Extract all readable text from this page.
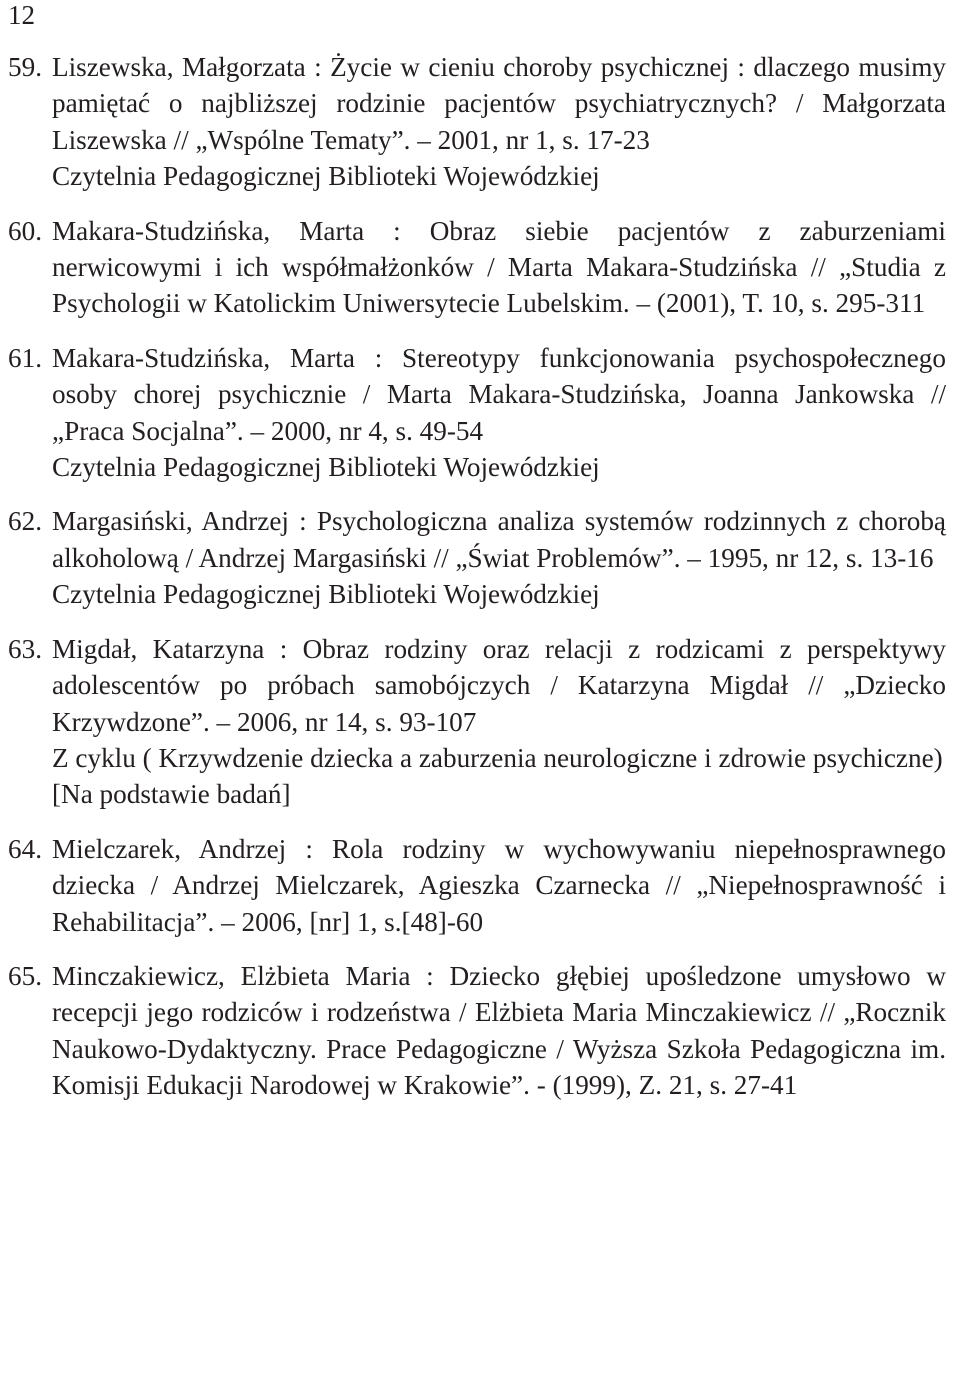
12
59. Liszewska, Małgorzata : Życie w cieniu choroby psychicznej : dlaczego musimy pamiętać o najbliższej rodzinie pacjentów psychiatrycznych? / Małgorzata Liszewska // „Wspólne Tematy”. – 2001, nr 1, s. 17-23
Czytelnia Pedagogicznej Biblioteki Wojewódzkiej
60. Makara-Studzińska, Marta : Obraz siebie pacjentów z zaburzeniami nerwicowymi i ich współmałżonków / Marta Makara-Studzińska // „Studia z Psychologii w Katolickim Uniwersytecie Lubelskim. – (2001), T. 10, s. 295-311
61. Makara-Studzińska, Marta : Stereotypy funkcjonowania psychospołecznego osoby chorej psychicznie / Marta Makara-Studzińska, Joanna Jankowska // „Praca Socjalna”. – 2000, nr 4, s. 49-54
Czytelnia Pedagogicznej Biblioteki Wojewódzkiej
62. Margasiński, Andrzej : Psychologiczna analiza systemów rodzinnych z chorobą alkoholową / Andrzej Margasiński // „Świat Problemów”. – 1995, nr 12, s. 13-16
Czytelnia Pedagogicznej Biblioteki Wojewódzkiej
63. Migdał, Katarzyna : Obraz rodziny oraz relacji z rodzicami z perspektywy adolescentów po próbach samobójczych / Katarzyna Migdał // „Dziecko Krzywdzone”. – 2006, nr 14, s. 93-107
Z cyklu ( Krzywdzenie dziecka a zaburzenia neurologiczne i zdrowie psychiczne)
[Na podstawie badań]
64. Mielczarek, Andrzej : Rola rodziny w wychowywaniu niepełnosprawnego dziecka / Andrzej Mielczarek, Agieszka Czarnecka // „Niepełnosprawność i Rehabilitacja”. – 2006, [nr] 1, s.[48]-60
65. Minczakiewicz, Elżbieta Maria : Dziecko głębiej upośledzone umysłowo w recepcji jego rodziców i rodzeństwa / Elżbieta Maria Minczakiewicz // „Rocznik Naukowo-Dydaktyczny. Prace Pedagogiczne / Wyższa Szkoła Pedagogiczna im. Komisji Edukacji Narodowej w Krakowie”. - (1999), Z. 21, s. 27-41
